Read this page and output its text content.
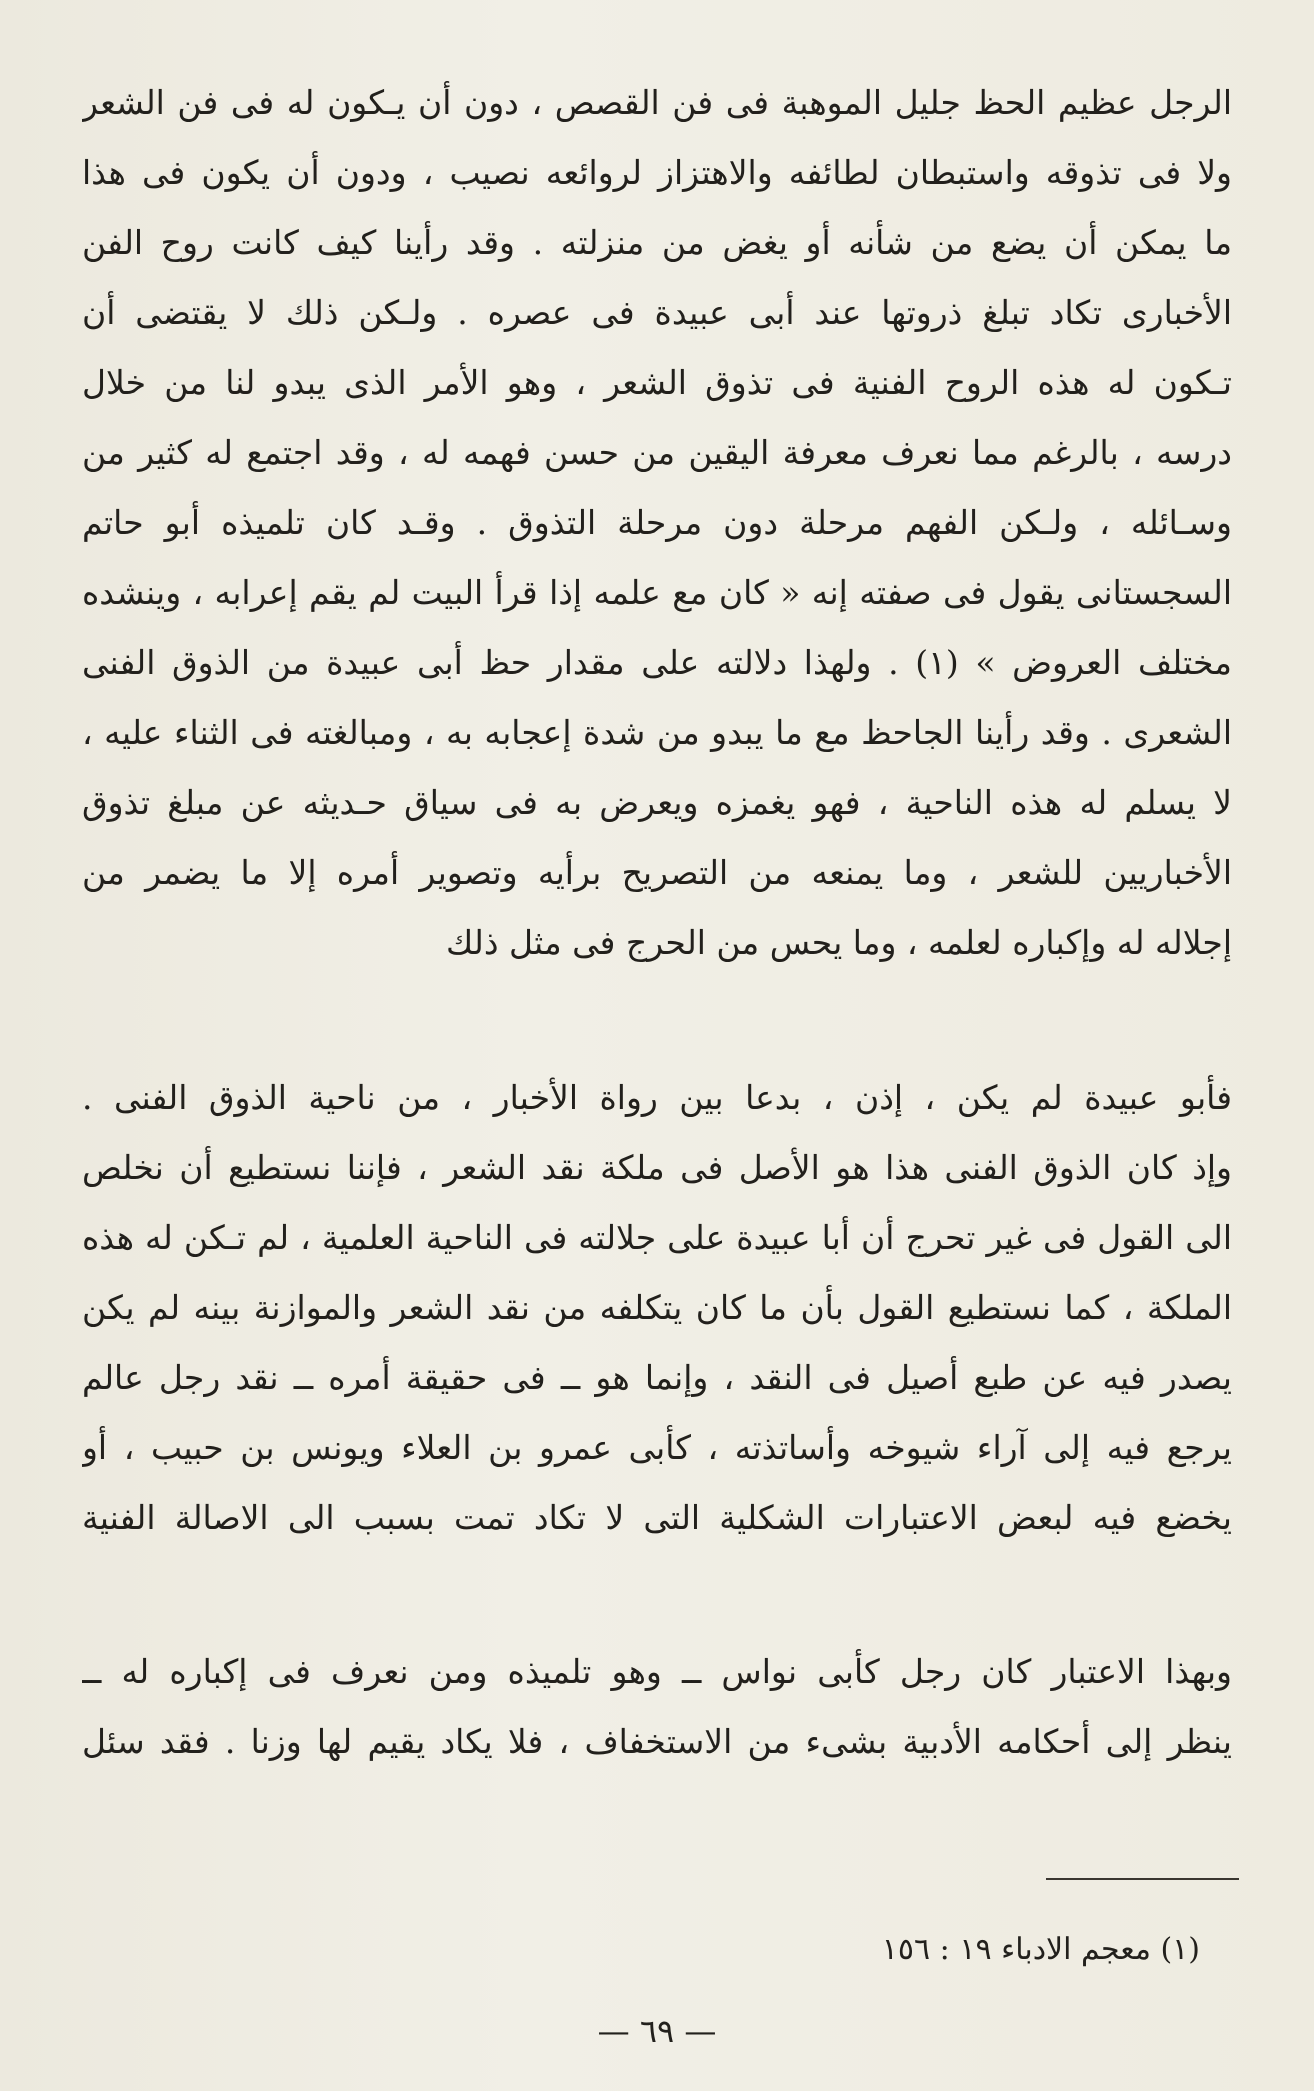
الرجل عظيم الحظ جليل الموهبة فى فن القصص ، دون أن يـكون له فى فن الشعر
ولا فى تذوقه واستبطان لطائفه والاهتزاز لروائعه نصيب ، ودون أن يكون فى هذا
ما يمكن أن يضع من شأنه أو يغض من منزلته . وقد رأينا كيف كانت روح الفن
الأخبارى تكاد تبلغ ذروتها عند أبى عبيدة فى عصره . ولـكن ذلك لا يقتضى أن
تـكون له هذه الروح الفنية فى تذوق الشعر ، وهو الأمر الذى يبدو لنا من خلال
درسه ، بالرغم مما نعرف معرفة اليقين من حسن فهمه له ، وقد اجتمع له كثير من
وسـائله ، ولـكن الفهم مرحلة دون مرحلة التذوق . وقـد كان تلميذه أبو حاتم
السجستانى يقول فى صفته إنه « كان مع علمه إذا قرأ البيت لم يقم إعرابه ، وينشده
مختلف العروض » (١) . ولهذا دلالته على مقدار حظ أبى عبيدة من الذوق الفنى
الشعرى . وقد رأينا الجاحظ مع ما يبدو من شدة إعجابه به ، ومبالغته فى الثناء عليه ،
لا يسلم له هذه الناحية ، فهو يغمزه ويعرض به فى سياق حـديثه عن مبلغ تذوق
الأخباريين للشعر ، وما يمنعه من التصريح برأيه وتصوير أمره إلا ما يضمر من
إجلاله له وإكباره لعلمه ، وما يحس من الحرج فى مثل ذلك
فأبو عبيدة لم يكن ، إذن ، بدعا بين رواة الأخبار ، من ناحية الذوق الفنى .
وإذ كان الذوق الفنى هذا هو الأصل فى ملكة نقد الشعر ، فإننا نستطيع أن نخلص
الى القول فى غير تحرج أن أبا عبيدة على جلالته فى الناحية العلمية ، لم تـكن له هذه
الملكة ، كما نستطيع القول بأن ما كان يتكلفه من نقد الشعر والموازنة بينه لم يكن
يصدر فيه عن طبع أصيل فى النقد ، وإنما هو ــ فى حقيقة أمره ــ نقد رجل عالم
يرجع فيه إلى آراء شيوخه وأساتذته ، كأبى عمرو بن العلاء ويونس بن حبيب ، أو
يخضع فيه لبعض الاعتبارات الشكلية التى لا تكاد تمت بسبب الى الاصالة الفنية
وبهذا الاعتبار كان رجل كأبى نواس ــ وهو تلميذه ومن نعرف فى إكباره له ــ
ينظر إلى أحكامه الأدبية بشىء من الاستخفاف ، فلا يكاد يقيم لها وزنا . فقد سئل
(١) معجم الادباء ١٩ : ١٥٦
— ٦٩ —
